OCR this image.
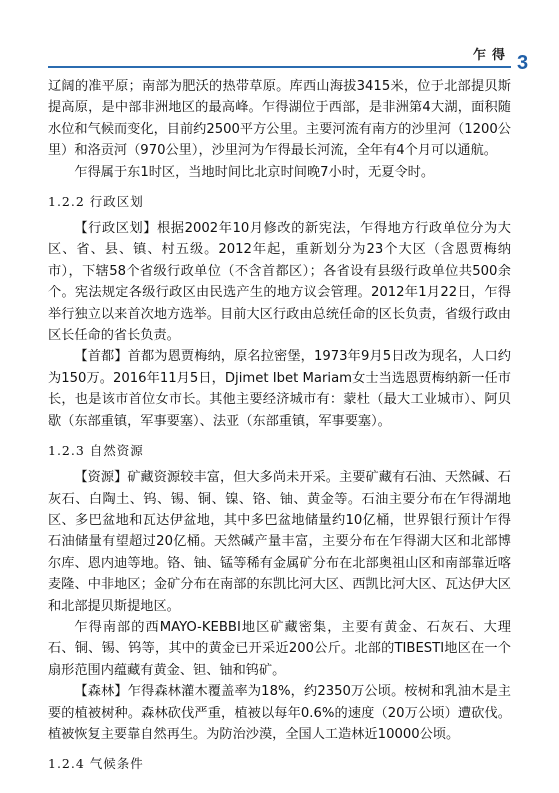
乍得 3

辽阔的准平原；南部为肥沃的热带草原。库西山海拔3415米，位于北部提贝斯提高原，是中部非洲地区的最高峰。乍得湖位于西部，是非洲第4大湖，面积随水位和气候而变化，目前约2500平方公里。主要河流有南方的沙里河（1200公里）和洛贡河（970公里），沙里河为乍得最长河流，全年有4个月可以通航。

乍得属于东1时区，当地时间比北京时间晚7小时，无夏令时。

1.2.2 行政区划

【行政区划】根据2002年10月修改的新宪法，乍得地方行政单位分为大区、省、县、镇、村五级。2012年起，重新划分为23个大区（含恩贾梅纳市），下辖58个省级行政单位（不含首都区）；各省设有县级行政单位共500余个。宪法规定各级行政区由民选产生的地方议会管理。2012年1月22日，乍得举行独立以来首次地方选举。目前大区行政由总统任命的区长负责，省级行政由区长任命的省长负责。

【首都】首都为恩贾梅纳，原名拉密堡，1973年9月5日改为现名，人口约为150万。2016年11月5日，Djimet Ibet Mariam女士当选恩贾梅纳新一任市长，也是该市首位女市长。其他主要经济城市有：蒙杜（最大工业城市）、阿贝歇（东部重镇，军事要塞）、法亚（东部重镇，军事要塞）。

1.2.3 自然资源

【资源】矿藏资源较丰富，但大多尚未开采。主要矿藏有石油、天然碱、石灰石、白陶土、钨、锡、铜、镍、铬、铀、黄金等。石油主要分布在乍得湖地区、多巴盆地和瓦达伊盆地，其中多巴盆地储量约10亿桶，世界银行预计乍得石油储量有望超过20亿桶。天然碱产量丰富，主要分布在乍得湖大区和北部博尔库、恩内迪等地。铬、铀、锰等稀有金属矿分布在北部奥祖山区和南部靠近喀麦隆、中非地区；金矿分布在南部的东凯比河大区、西凯比河大区、瓦达伊大区和北部提贝斯提地区。

乍得南部的西MAYO-KEBBI地区矿藏密集，主要有黄金、石灰石、大理石、铜、锡、钨等，其中的黄金已开采近200公斤。北部的TIBESTI地区在一个扇形范围内蕴藏有黄金、钽、铀和钨矿。

【森林】乍得森林灌木覆盖率为18%，约2350万公顷。桉树和乳油木是主要的植被树种。森林砍伐严重，植被以每年0.6%的速度（20万公顷）遭砍伐。植被恢复主要靠自然再生。为防治沙漠，全国人工造林近10000公顷。

1.2.4 气候条件
